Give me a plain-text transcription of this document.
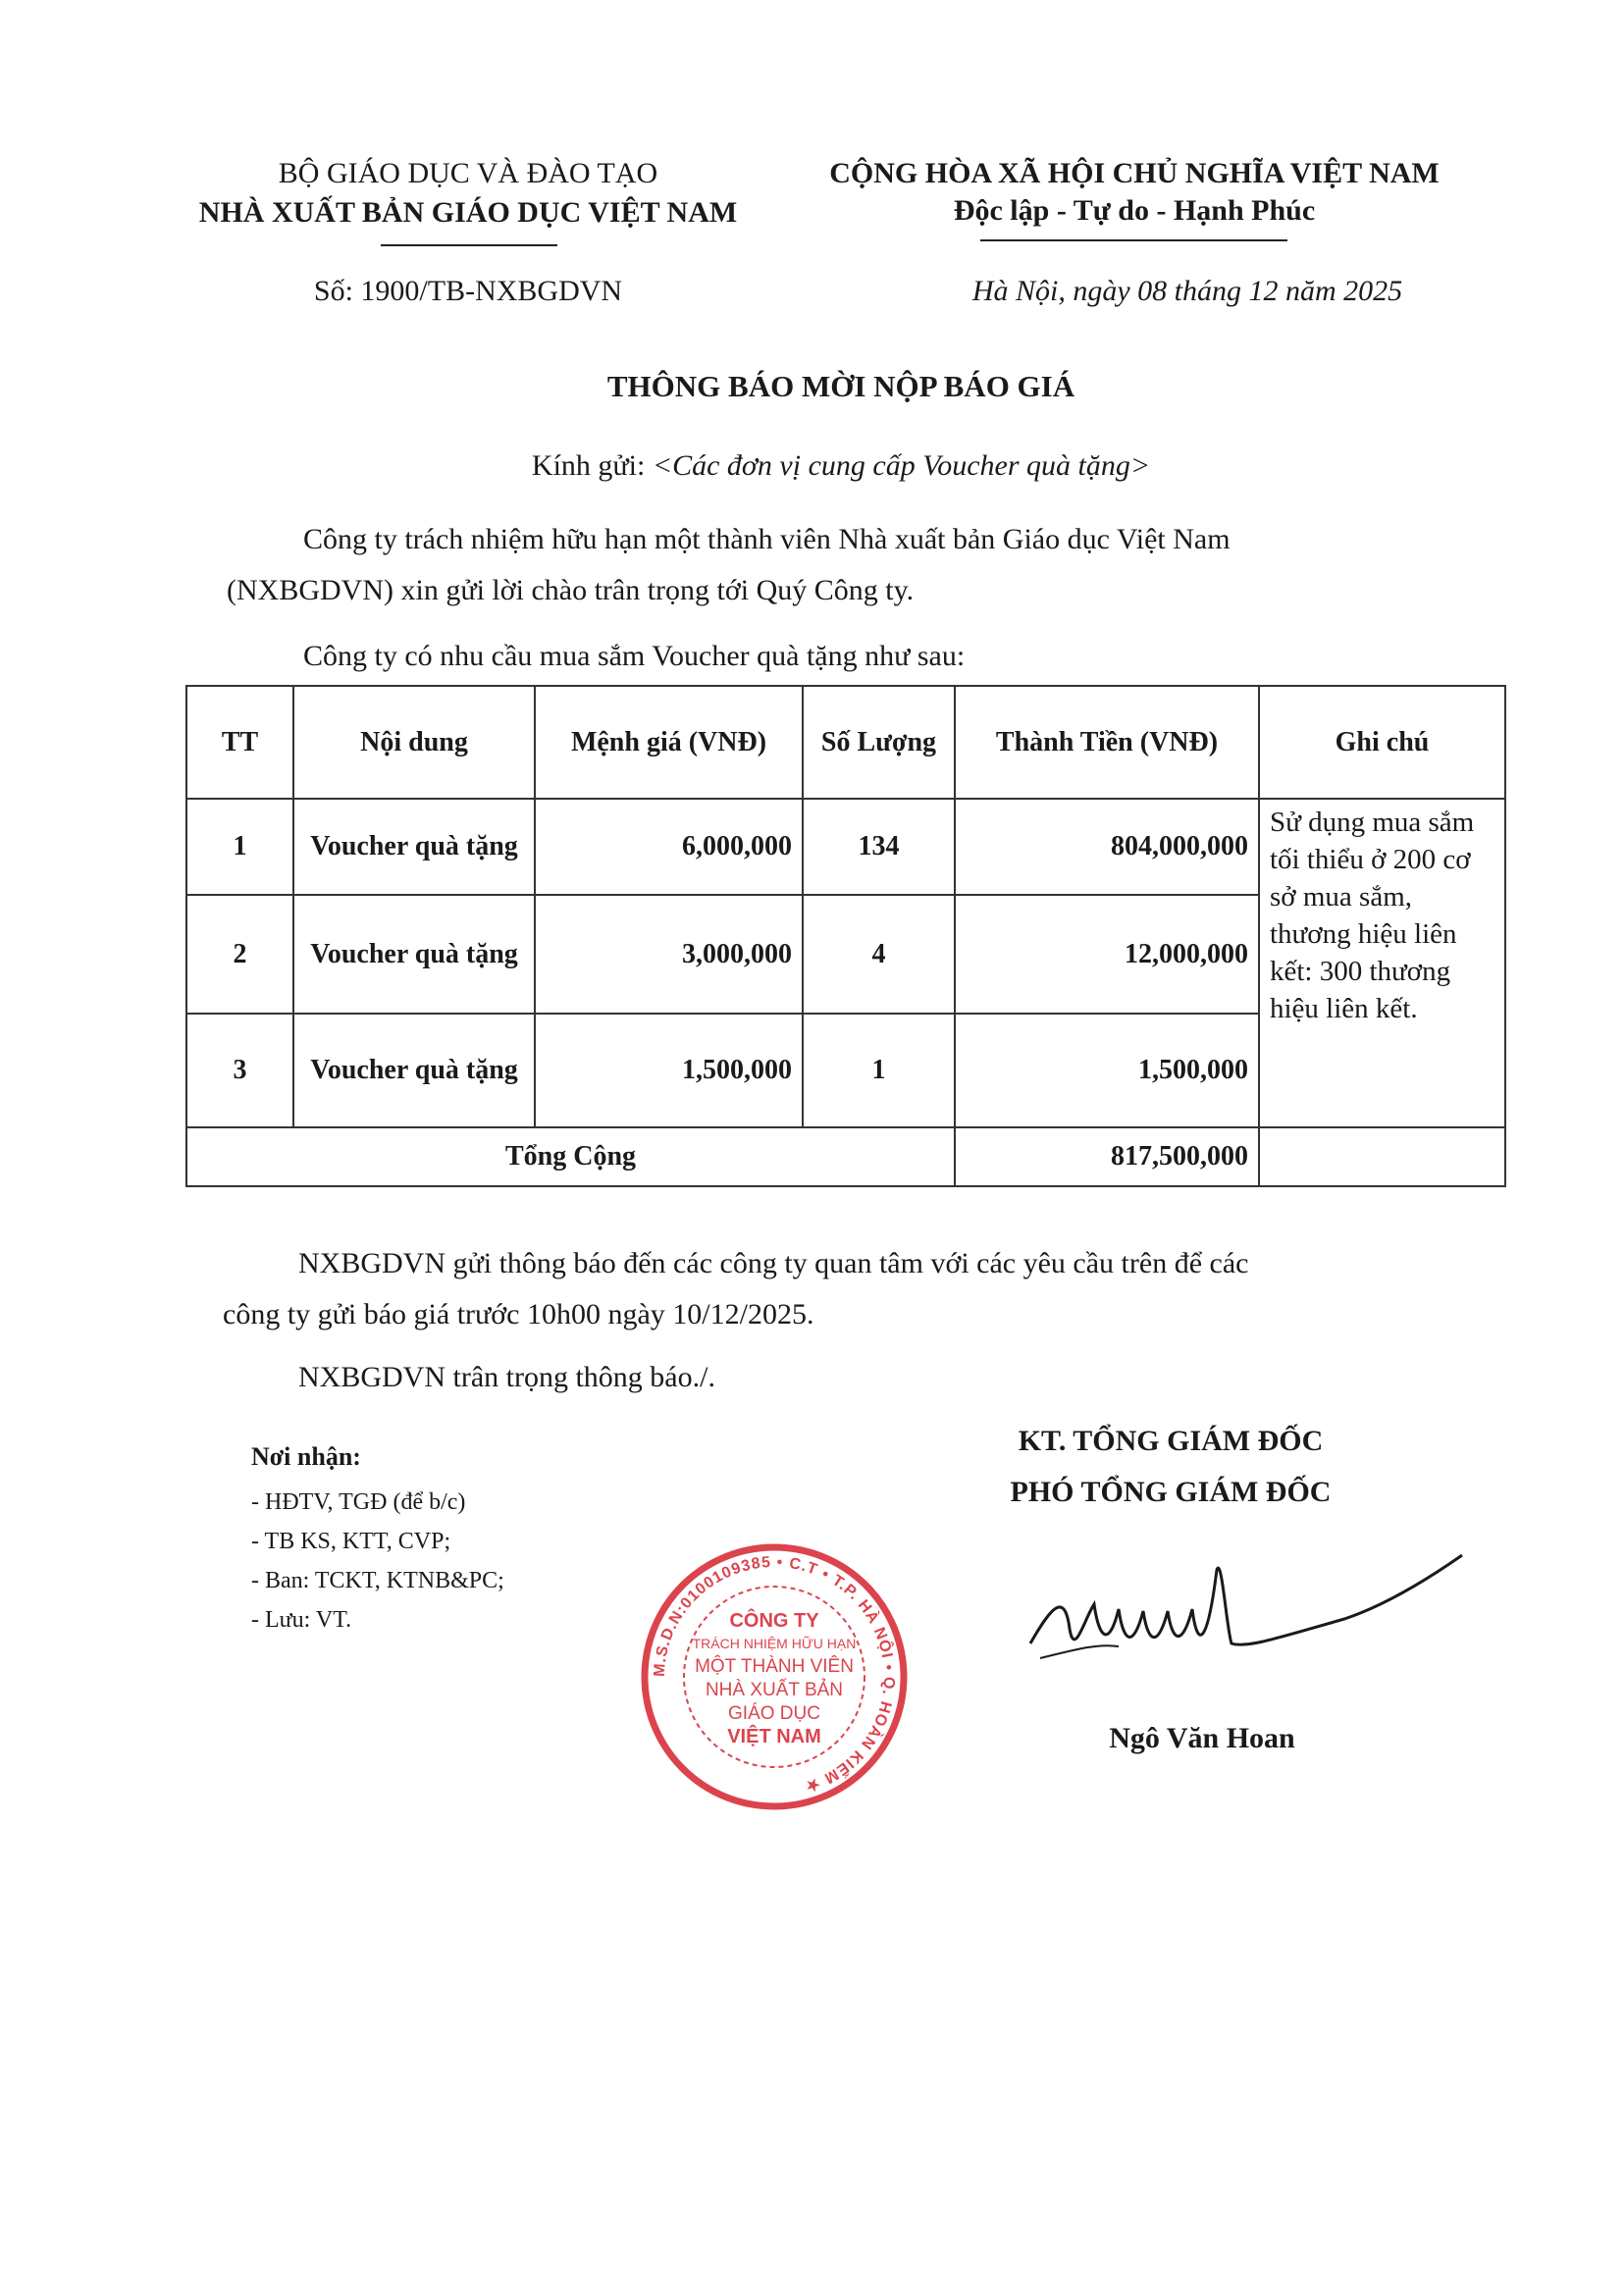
BỘ GIÁO DỤC VÀ ĐÀO TẠO
NHÀ XUẤT BẢN GIÁO DỤC VIỆT NAM
CỘNG HÒA XÃ HỘI CHỦ NGHĨA VIỆT NAM
Độc lập - Tự do - Hạnh Phúc
Số: 1900/TB-NXBGDVN	Hà Nội, ngày 08 tháng 12 năm 2025
THÔNG BÁO MỜI NỘP BÁO GIÁ
Kính gửi: <Các đơn vị cung cấp Voucher quà tặng>
Công ty trách nhiệm hữu hạn một thành viên Nhà xuất bản Giáo dục Việt Nam
(NXBGDVN) xin gửi lời chào trân trọng tới Quý Công ty.
Công ty có nhu cầu mua sắm Voucher quà tặng như sau:
TT	Nội dung	Mệnh giá (VNĐ)	Số Lượng	Thành Tiền (VNĐ)	Ghi chú
1	Voucher quà tặng	6,000,000	134	804,000,000	Sử dụng mua sắm tối thiểu ở 200 cơ sở mua sắm, thương hiệu liên kết: 300 thương hiệu liên kết.
2	Voucher quà tặng	3,000,000	4	12,000,000	
3	Voucher quà tặng	1,500,000	1	1,500,000	
Tổng Cộng				817,500,000	
NXBGDVN gửi thông báo đến các công ty quan tâm với các yêu cầu trên để các
công ty gửi báo giá trước 10h00 ngày 10/12/2025.
NXBGDVN trân trọng thông báo./.
Nơi nhận:
- HĐTV, TGĐ (để b/c)
- TB KS, KTT, CVP;
- Ban: TCKT, KTNB&PC;
- Lưu: VT.	CÔNG TY
TRÁCH NHIỆM HỮU HẠN
MỘT THÀNH VIÊN
NHÀ XUẤT BẢN
GIÁO DỤC
VIỆT NAM
M.S.D.N:0100109385 • C.T • T.P. HÀ NỘI • Q. HOÀN KIẾM ★
KT. TỔNG GIÁM ĐỐC
PHÓ TỔNG GIÁM ĐỐC
Ngô Văn Hoan
